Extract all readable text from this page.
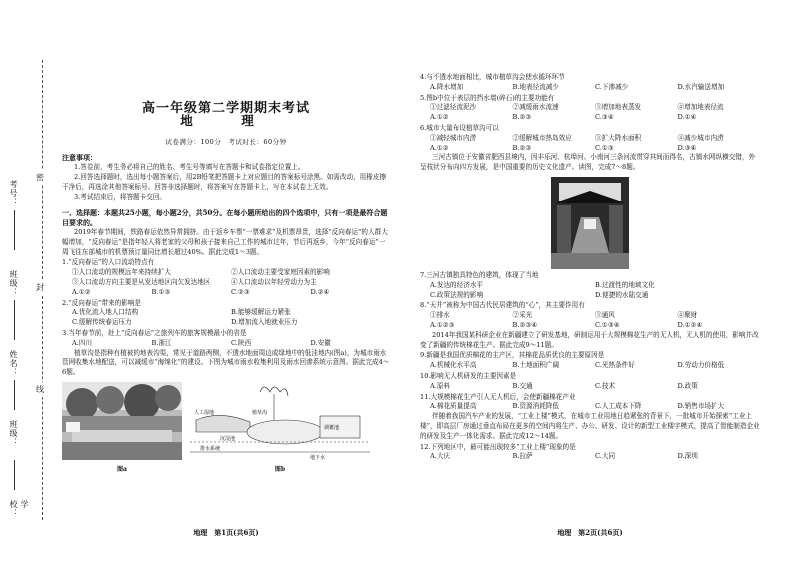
考号：
班级：
姓名：
班级：
学校：
密
封
线
高一年级第二学期期末考试
地　理
试卷满分：100分　考试时长：60分钟
注意事项：
1.答卷前，考生务必将自己的姓名、考生号等填写在答题卡和试卷指定位置上。
2.回答选择题时，选出每小题答案后，用2B铅笔把答题卡上对应题目的答案标号涂黑。如需改动，用橡皮擦干净后，再选涂其他答案标号。回答非选择题时，将答案写在答题卡上，写在本试卷上无效。
3.考试结束后，将答题卡交回。
一、选择题：本题共25小题，每小题2分，共50分。在每小题所给出的四个选项中，只有一项是最符合题目要求的。
2019年春节期间，铁路春运依然异常拥挤。由于返乡车票“一票难求”及机票昂贵，选择“反向春运”的人群大幅增加，“反向春运”是指年轻人将老家的父母和孩子接来自己工作的城市过年，节后再返乡，今年“反向春运”一周飞往东部城市的机票预订量同比增长超过40%。据此完成1～3题。
1.“反向春运”的人口流动特点有
①人口流动的规模远年来持续扩大	②人口流动主要受家庭因素的影响
③人口流动方向主要是从发达地区向欠发达地区	④人口流动以年轻劳动力为主
A.①②	B.①③	C.②③	D.②④
2.“反向春运”带来的影响是
A.优化流入地人口结构	B.能够缓解运力紧张
C.缓解传统春运压力	D.增加流入地就业压力
3.当年春节前，赴上“反向春运”之旅列车的旅客规模最小的省是
A.四川	B.浙江	C.陕西	D.安徽
植草沟是指种有植被的地表沟渠，常见于道路两侧，不透水地面周边或绿地中的低洼地内(图a)，为城市雨水管网收集水地配送，可以减缓市“海绵化”的建设。下图为城市雨水收集利用及雨水回渗系统示意图。据此完成4～6题。
图a
人工湿地
沉淀池
植草沟
调蓄池
排水系统
地下水
图b
地理　第1页(共6页)
4.与不透水地面相比，城市植草沟会使水循环环节
A.降水增加	B.地表径流减少	C.下渗减少	D.水汽输送增加
5.图b中位于表层的挡水墙(碎石)的主要功能有
①过滤径流泥沙	②减缓雨水流速	③增加地表蒸发	④增加地表径流
A.①②	B.②③	C.③④	D.①④
6.城市大量布设植草沟可以
①减轻城市内涝	②缓解城市热岛效应	③扩大降水面积	④减少城市内涝
A.①②	B.②③	C.①③	D.③④
三河古镇位于安徽省肥西县境内，因丰乐河、杭埠河、小南河三条河流贯穿其间而得名，古镇水网纵横交错，外呈枝状分布向四方发展，是中国重要的历史文化遗产。读图，完成7～8题。
7.三河古镇独具特色的建筑，体现了当地
A.发达的经济水平	B.过渡性的地域文化
C.政策法规的影响	D.便捷的水陆交通
8.“天井”被称为中国古代民居建筑的“心”，其主要作用有
①排水	②采光	③通风	④聚财
A.①②③	B.②③④	C.①③④	D.①②④
2014年我国某科研企业在新疆建立了研发基地，研制运用于大规模棉花生产的无人机，无人机的使用，影响并改变了新疆的传统棉花生产。据此完成9～11题。
9.新疆是我国优质棉花的主产区，其棉花品质优良的主要原因是
A.机械化水平高	B.土地面积广阔	C.光热条件好	D.劳动力价格低
10.影响无人机研发的主要因素是
A.原料	B.交通	C.技术	D.政策
11.大规模棉花生产引人无人机后，会使新疆棉花产业
A.棉花质量提高	B.资源消耗降低	C.人工成本下降	D.销售市场扩大
伴随着我国汽车产业的发展，“工业上楼”模式，在城市工业用地日趋紧张的背景下，一批城市开始探索“工业上楼”，即高层厂房通过垂直布局在更多的空间内将生产、办公、研发、设计的新型工业楼宇模式，提高了智能制造企业的研发及生产一体化需求。据此完成12～14题。
12.下列地区中，最可能出现较多“工业上楼”现象的是
A.大庆	B.拉萨	C.大同	D.深圳
地理　第2页(共6页)
